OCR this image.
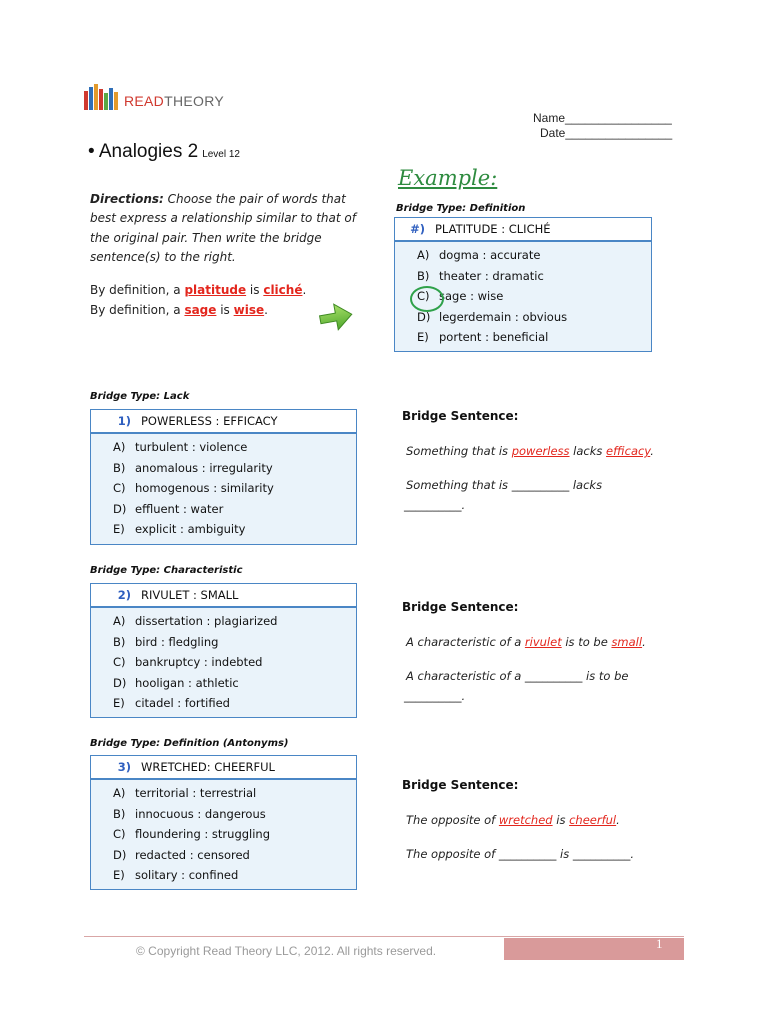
READTHEORY
Name________________
Date________________
• Analogies 2 Level 12
Directions: Choose the pair of words that best express a relationship similar to that of the original pair. Then write the bridge sentence(s) to the right.
By definition, a platitude is cliché.
By definition, a sage is wise.
Example:
Bridge Type: Definition
#) PLATITUDE : CLICHÉ
A) dogma : accurate
B) theater : dramatic
C) sage : wise
D) legerdemain : obvious
E) portent : beneficial
Bridge Type: Lack
1) POWERLESS : EFFICACY
A) turbulent : violence
B) anomalous : irregularity
C) homogenous : similarity
D) effluent : water
E) explicit : ambiguity
Bridge Sentence:
Something that is powerless lacks efficacy.
Something that is __________ lacks
__________.
Bridge Type: Characteristic
2) RIVULET : SMALL
A) dissertation : plagiarized
B) bird : fledgling
C) bankruptcy : indebted
D) hooligan : athletic
E) citadel : fortified
Bridge Sentence:
A characteristic of a rivulet is to be small.
A characteristic of a __________ is to be
__________.
Bridge Type: Definition (Antonyms)
3) WRETCHED: CHEERFUL
A) territorial : terrestrial
B) innocuous : dangerous
C) floundering : struggling
D) redacted : censored
E) solitary : confined
Bridge Sentence:
The opposite of wretched is cheerful.
The opposite of __________ is __________.
© Copyright Read Theory LLC, 2012. All rights reserved.	1
